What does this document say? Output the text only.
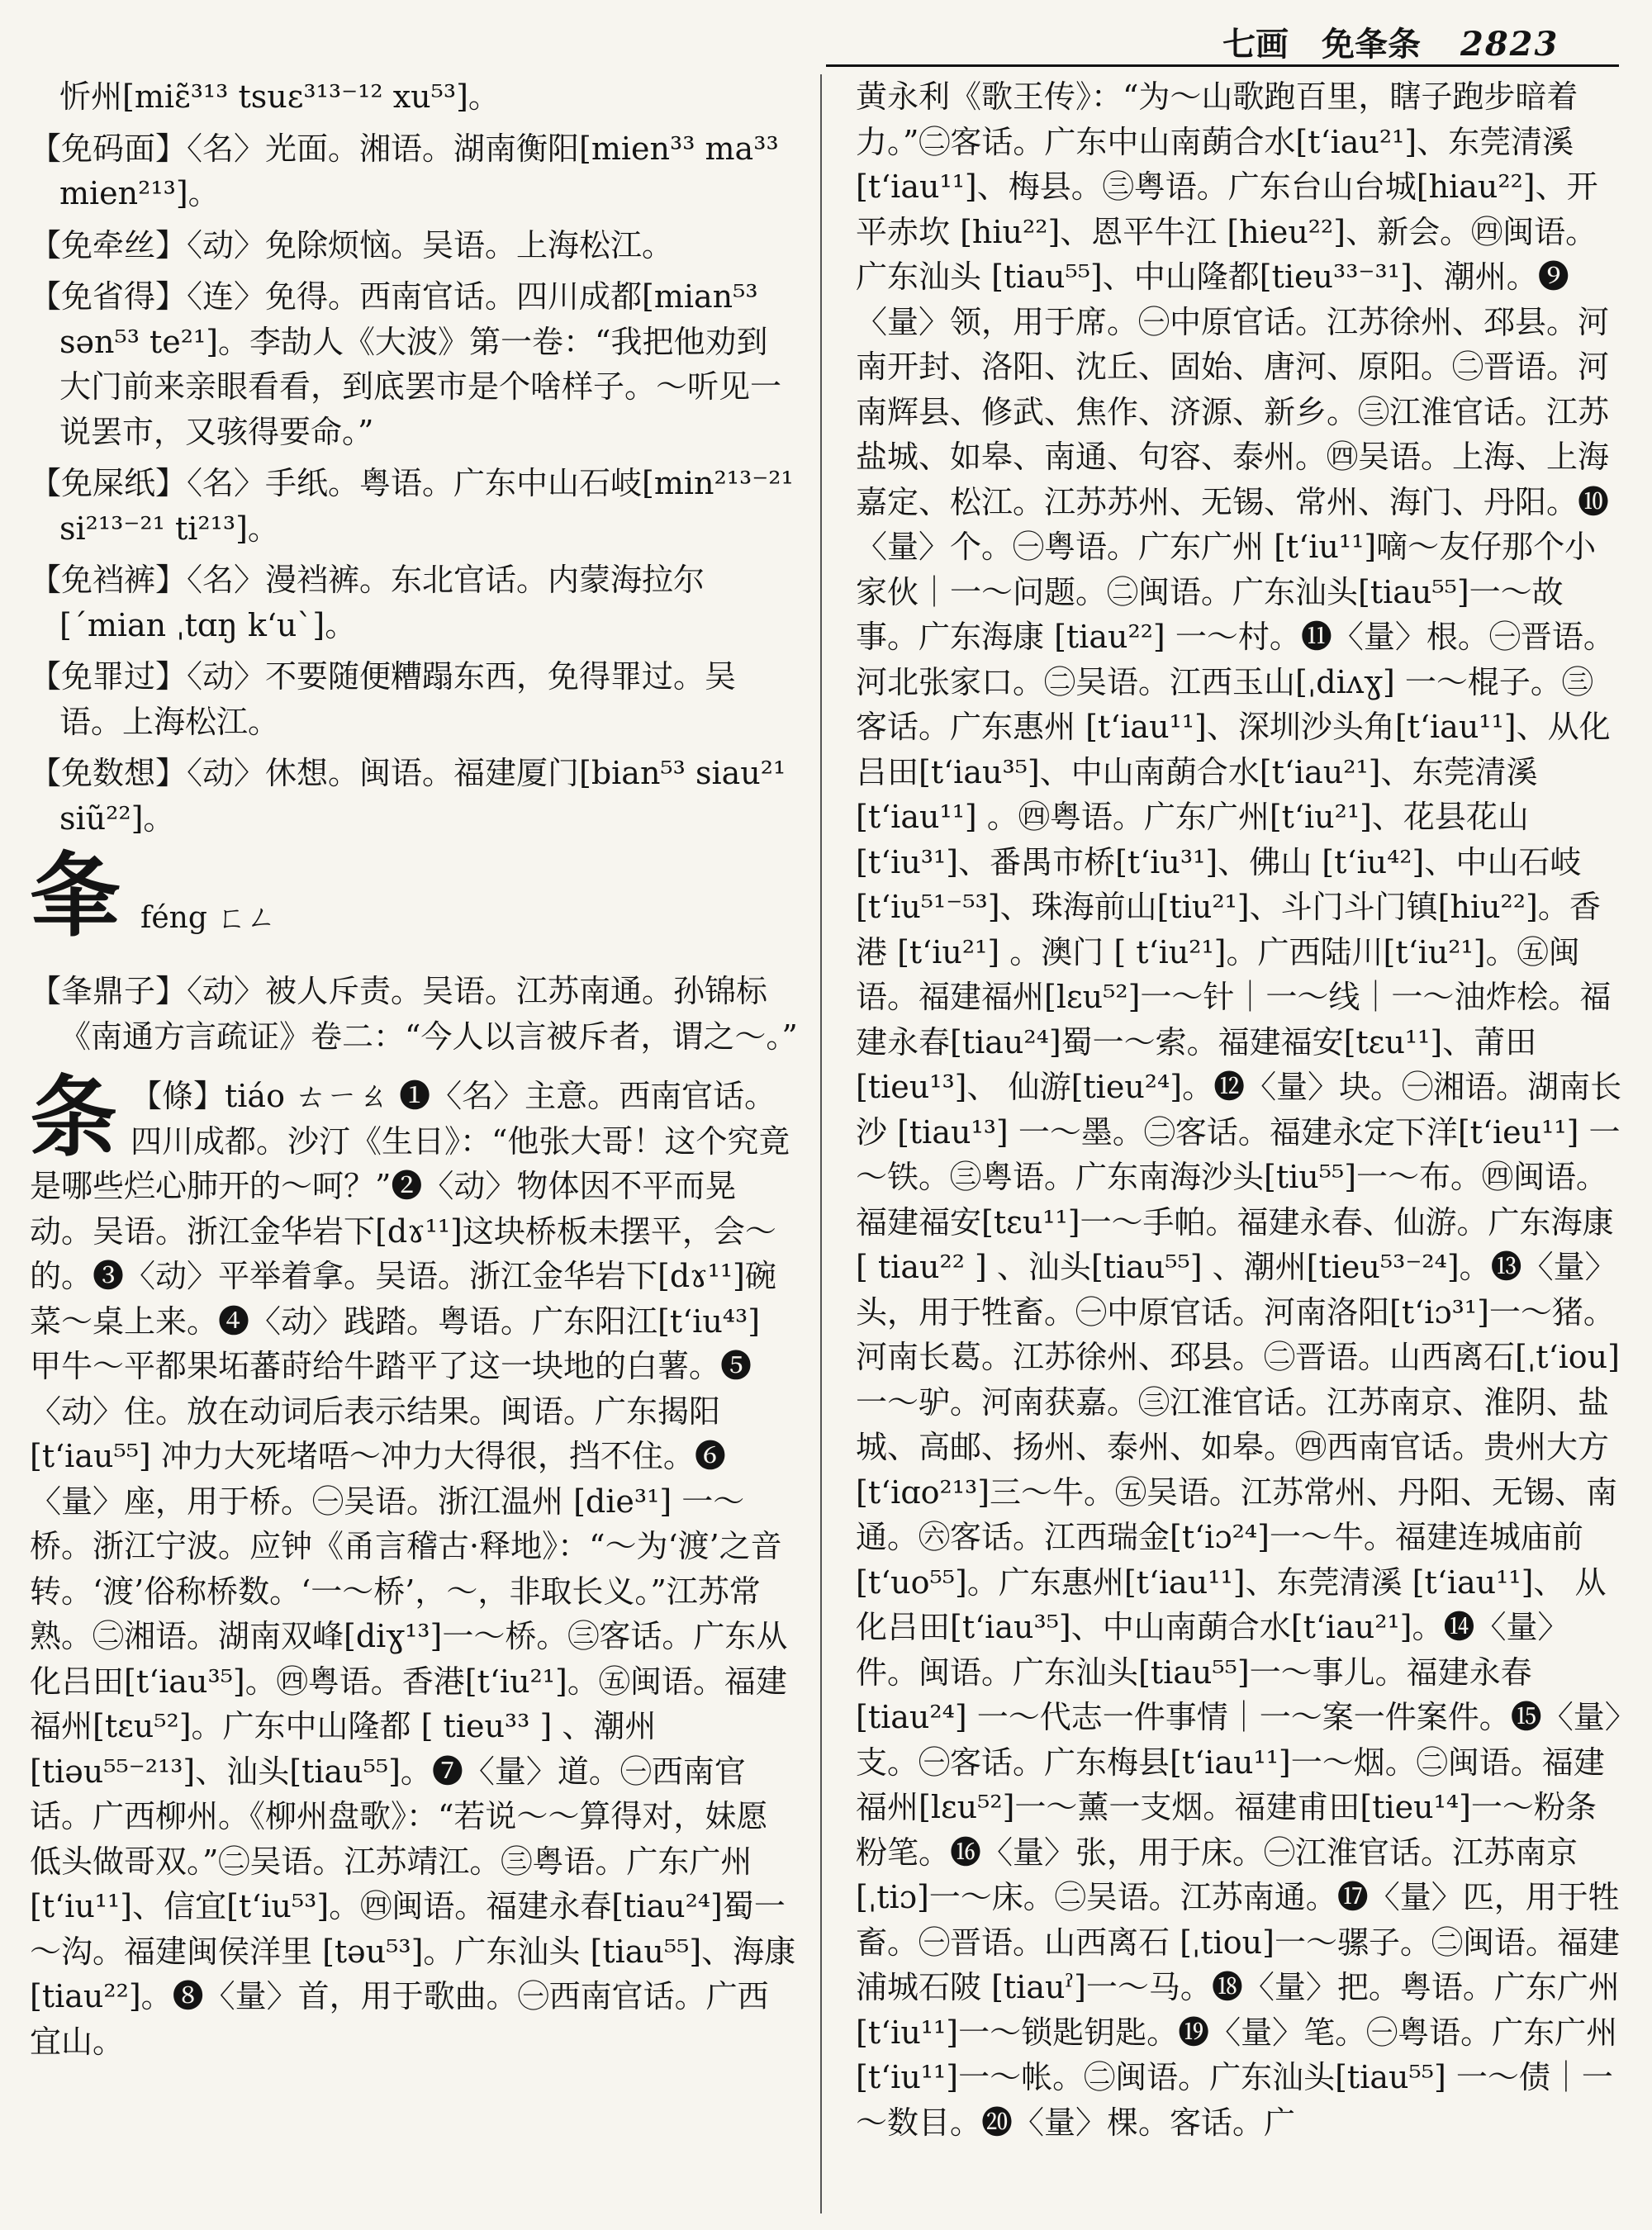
七画　免夆条 2823
忻州[miɛ̃³¹³ tsuɛ³¹³⁻¹² xu⁵³]。
【免码面】〈名〉光面。湘语。湖南衡阳[mien³³ ma³³ mien²¹³]。
【免牵丝】〈动〉免除烦恼。吴语。上海松江。
【免省得】〈连〉免得。西南官话。四川成都[mian⁵³ sən⁵³ te²¹]。李劼人《大波》第一卷：“我把他劝到大门前来亲眼看看，到底罢市是个啥样子。～听见一说罢市，又骇得要命。”
【免屎纸】〈名〉手纸。粤语。广东中山石岐[min²¹³⁻²¹ si²¹³⁻²¹ ti²¹³]。
【免裆裤】〈名〉漫裆裤。东北官话。内蒙海拉尔[ˊmian ˌtɑŋ kʻuˋ]。
【免罪过】〈动〉不要随便糟蹋东西，免得罪过。吴语。上海松江。
【免数想】〈动〉休想。闽语。福建厦门[bian⁵³ siau²¹ siũ²²]。
夆 féng ㄈㄥ
【夆鼎子】〈动〉被人斥责。吴语。江苏南通。孙锦标《南通方言疏证》卷二：“今人以言被斥者，谓之～。”
条 【條】tiáo ㄊㄧㄠ ❶〈名〉主意。西南官话。四川成都。沙汀《生日》：“他张大哥！这个究竟是哪些烂心肺开的～呵？”❷〈动〉物体因不平而晃动。吴语。浙江金华岩下[dɤ¹¹]这块桥板未摆平，会～的。❸〈动〉平举着拿。吴语。浙江金华岩下[dɤ¹¹]碗菜～桌上来。❹〈动〉践踏。粤语。广东阳江[tʻiu⁴³] 甲牛～平都果坧蕃莳给牛踏平了这一块地的白薯。❺〈动〉住。放在动词后表示结果。闽语。广东揭阳 [tʻiau⁵⁵] 冲力大死堵唔～冲力大得很，挡不住。❻〈量〉座，用于桥。㊀吴语。浙江温州 [die³¹] 一～桥。浙江宁波。应钟《甬言稽古·释地》：“～为‘渡’之音转。‘渡’俗称桥数。‘一～桥’，～，非取长义。”江苏常熟。㊁湘语。湖南双峰[diɣ¹³]一～桥。㊂客话。广东从化吕田[tʻiau³⁵]。㊃粤语。香港[tʻiu²¹]。㊄闽语。福建福州[tɛu⁵²]。广东中山隆都 [ tieu³³ ] 、潮州[tiəu⁵⁵⁻²¹³]、汕头[tiau⁵⁵]。❼〈量〉道。㊀西南官话。广西柳州。《柳州盘歌》：“若说～～算得对，妹愿低头做哥双。”㊁吴语。江苏靖江。㊂粤语。广东广州[tʻiu¹¹]、信宜[tʻiu⁵³]。㊃闽语。福建永春[tiau²⁴]蜀一～沟。福建闽侯洋里 [təu⁵³]。广东汕头 [tiau⁵⁵]、海康[tiau²²]。❽〈量〉首，用于歌曲。㊀西南官话。广西宜山。
黄永利《歌王传》：“为～山歌跑百里，瞎子跑步暗着力。”㊁客话。广东中山南蓢合水[tʻiau²¹]、东莞清溪[tʻiau¹¹]、梅县。㊂粤语。广东台山台城[hiau²²]、开平赤坎 [hiu²²]、恩平牛江 [hieu²²]、新会。㊃闽语。广东汕头 [tiau⁵⁵]、中山隆都[tieu³³⁻³¹]、潮州。❾〈量〉领，用于席。㊀中原官话。江苏徐州、邳县。河南开封、洛阳、沈丘、固始、唐河、原阳。㊁晋语。河南辉县、修武、焦作、济源、新乡。㊂江淮官话。江苏盐城、如皋、南通、句容、泰州。㊃吴语。上海、上海嘉定、松江。江苏苏州、无锡、常州、海门、丹阳。❿〈量〉个。㊀粤语。广东广州 [tʻiu¹¹]嘀～友仔那个小家伙｜一～问题。㊁闽语。广东汕头[tiau⁵⁵]一～故事。广东海康 [tiau²²] 一～村。⓫〈量〉根。㊀晋语。河北张家口。㊁吴语。江西玉山[ˌdiʌɣ] 一～棍子。㊂客话。广东惠州 [tʻiau¹¹]、深圳沙头角[tʻiau¹¹]、从化吕田[tʻiau³⁵]、中山南蓢合水[tʻiau²¹]、东莞清溪 [tʻiau¹¹] 。㊃粤语。广东广州[tʻiu²¹]、花县花山[tʻiu³¹]、番禺市桥[tʻiu³¹]、佛山 [tʻiu⁴²]、中山石岐[tʻiu⁵¹⁻⁵³]、珠海前山[tiu²¹]、斗门斗门镇[hiu²²]。香港 [tʻiu²¹] 。澳门 [ tʻiu²¹]。广西陆川[tʻiu²¹]。㊄闽语。福建福州[lɛu⁵²]一～针｜一～线｜一～油炸桧。福建永春[tiau²⁴]蜀一～索。福建福安[tɛu¹¹]、莆田 [tieu¹³]、 仙游[tieu²⁴]。⓬〈量〉块。㊀湘语。湖南长沙 [tiau¹³] 一～墨。㊁客话。福建永定下洋[tʻieu¹¹] 一～铁。㊂粤语。广东南海沙头[tiu⁵⁵]一～布。㊃闽语。福建福安[tɛu¹¹]一～手帕。福建永春、仙游。广东海康 [ tiau²² ] 、汕头[tiau⁵⁵] 、潮州[tieu⁵³⁻²⁴]。⓭〈量〉头，用于牲畜。㊀中原官话。河南洛阳[tʻiɔ³¹]一～猪。河南长葛。江苏徐州、邳县。㊁晋语。山西离石[ˌtʻiou] 一～驴。河南获嘉。㊂江淮官话。江苏南京、淮阴、盐城、高邮、扬州、泰州、如皋。㊃西南官话。贵州大方[tʻiɑo²¹³]三～牛。㊄吴语。江苏常州、丹阳、无锡、南通。㊅客话。江西瑞金[tʻiɔ²⁴]一～牛。福建连城庙前[tʻuo⁵⁵]。广东惠州[tʻiau¹¹]、东莞清溪 [tʻiau¹¹]、 从化吕田[tʻiau³⁵]、中山南蓢合水[tʻiau²¹]。⓮〈量〉件。闽语。广东汕头[tiau⁵⁵]一～事儿。福建永春 [tiau²⁴] 一～代志一件事情｜一～案一件案件。⓯〈量〉支。㊀客话。广东梅县[tʻiau¹¹]一～烟。㊁闽语。福建福州[lɛu⁵²]一～薰一支烟。福建甫田[tieu¹⁴]一～粉条粉笔。⓰〈量〉张，用于床。㊀江淮官话。江苏南京[ˌtiɔ]一～床。㊁吴语。江苏南通。⓱〈量〉匹，用于牲畜。㊀晋语。山西离石 [ˌtiou]一～骡子。㊁闽语。福建浦城石陂 [tiauˀ]一～马。⓲〈量〉把。粤语。广东广州 [tʻiu¹¹]一～锁匙钥匙。⓳〈量〉笔。㊀粤语。广东广州[tʻiu¹¹]一～帐。㊁闽语。广东汕头[tiau⁵⁵] 一～债｜一～数目。⓴〈量〉棵。客话。广
